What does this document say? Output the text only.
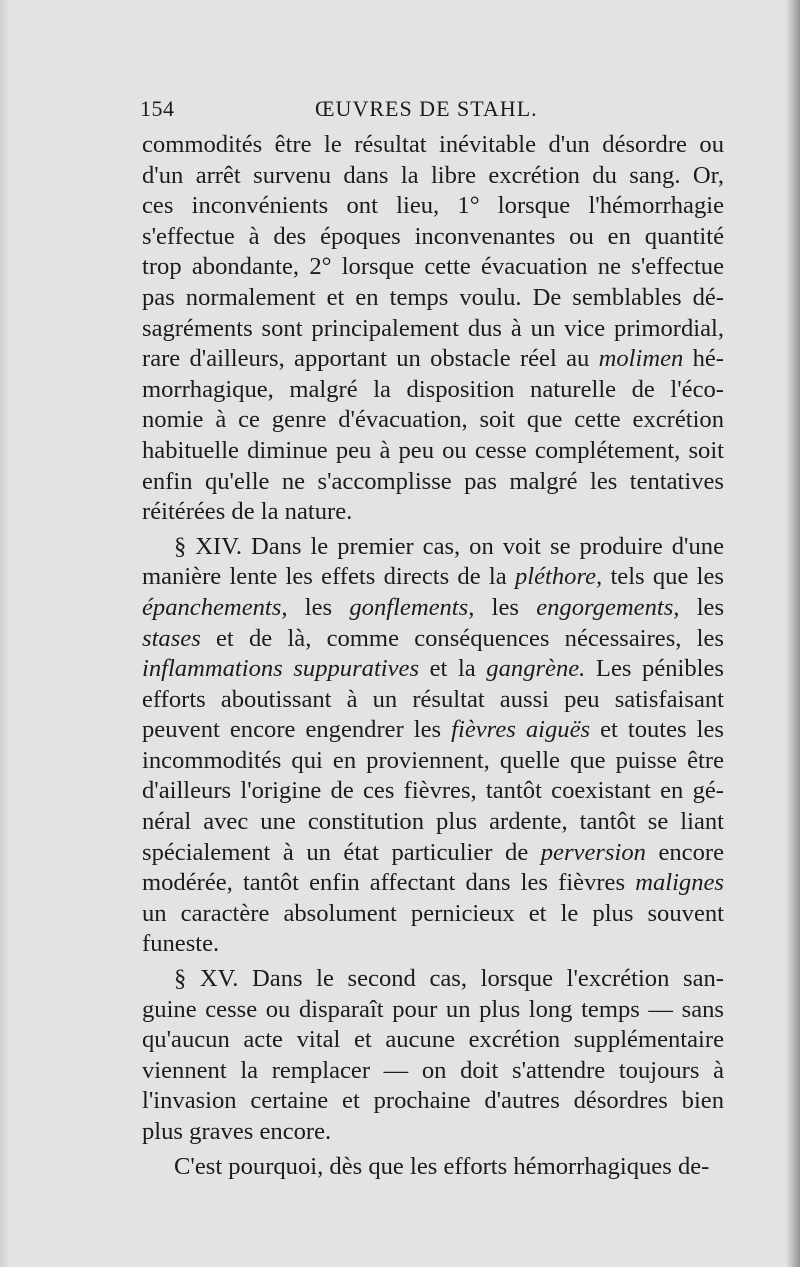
154	ŒUVRES DE STAHL.
commodités être le résultat inévitable d'un désordre ou
d'un arrêt survenu dans la libre excrétion du sang. Or,
ces inconvénients ont lieu, 1° lorsque l'hémorrhagie
s'effectue à des époques inconvenantes ou en quantité
trop abondante, 2° lorsque cette évacuation ne s'effectue
pas normalement et en temps voulu. De semblables dé-
sagréments sont principalement dus à un vice primordial,
rare d'ailleurs, apportant un obstacle réel au molimen hé-
morrhagique, malgré la disposition naturelle de l'éco-
nomie à ce genre d'évacuation, soit que cette excrétion
habituelle diminue peu à peu ou cesse complétement, soit
enfin qu'elle ne s'accomplisse pas malgré les tentatives
réitérées de la nature.
§ XIV. Dans le premier cas, on voit se produire d'une
manière lente les effets directs de la pléthore, tels que les
épanchements, les gonflements, les engorgements, les
stases et de là, comme conséquences nécessaires, les
inflammations suppuratives et la gangrène. Les pénibles
efforts aboutissant à un résultat aussi peu satisfaisant
peuvent encore engendrer les fièvres aiguës et toutes les
incommodités qui en proviennent, quelle que puisse être
d'ailleurs l'origine de ces fièvres, tantôt coexistant en gé-
néral avec une constitution plus ardente, tantôt se liant
spécialement à un état particulier de perversion encore
modérée, tantôt enfin affectant dans les fièvres malignes
un caractère absolument pernicieux et le plus souvent
funeste.
§ XV. Dans le second cas, lorsque l'excrétion san-
guine cesse ou disparaît pour un plus long temps — sans
qu'aucun acte vital et aucune excrétion supplémentaire
viennent la remplacer — on doit s'attendre toujours à
l'invasion certaine et prochaine d'autres désordres bien
plus graves encore.
C'est pourquoi, dès que les efforts hémorrhagiques de-
